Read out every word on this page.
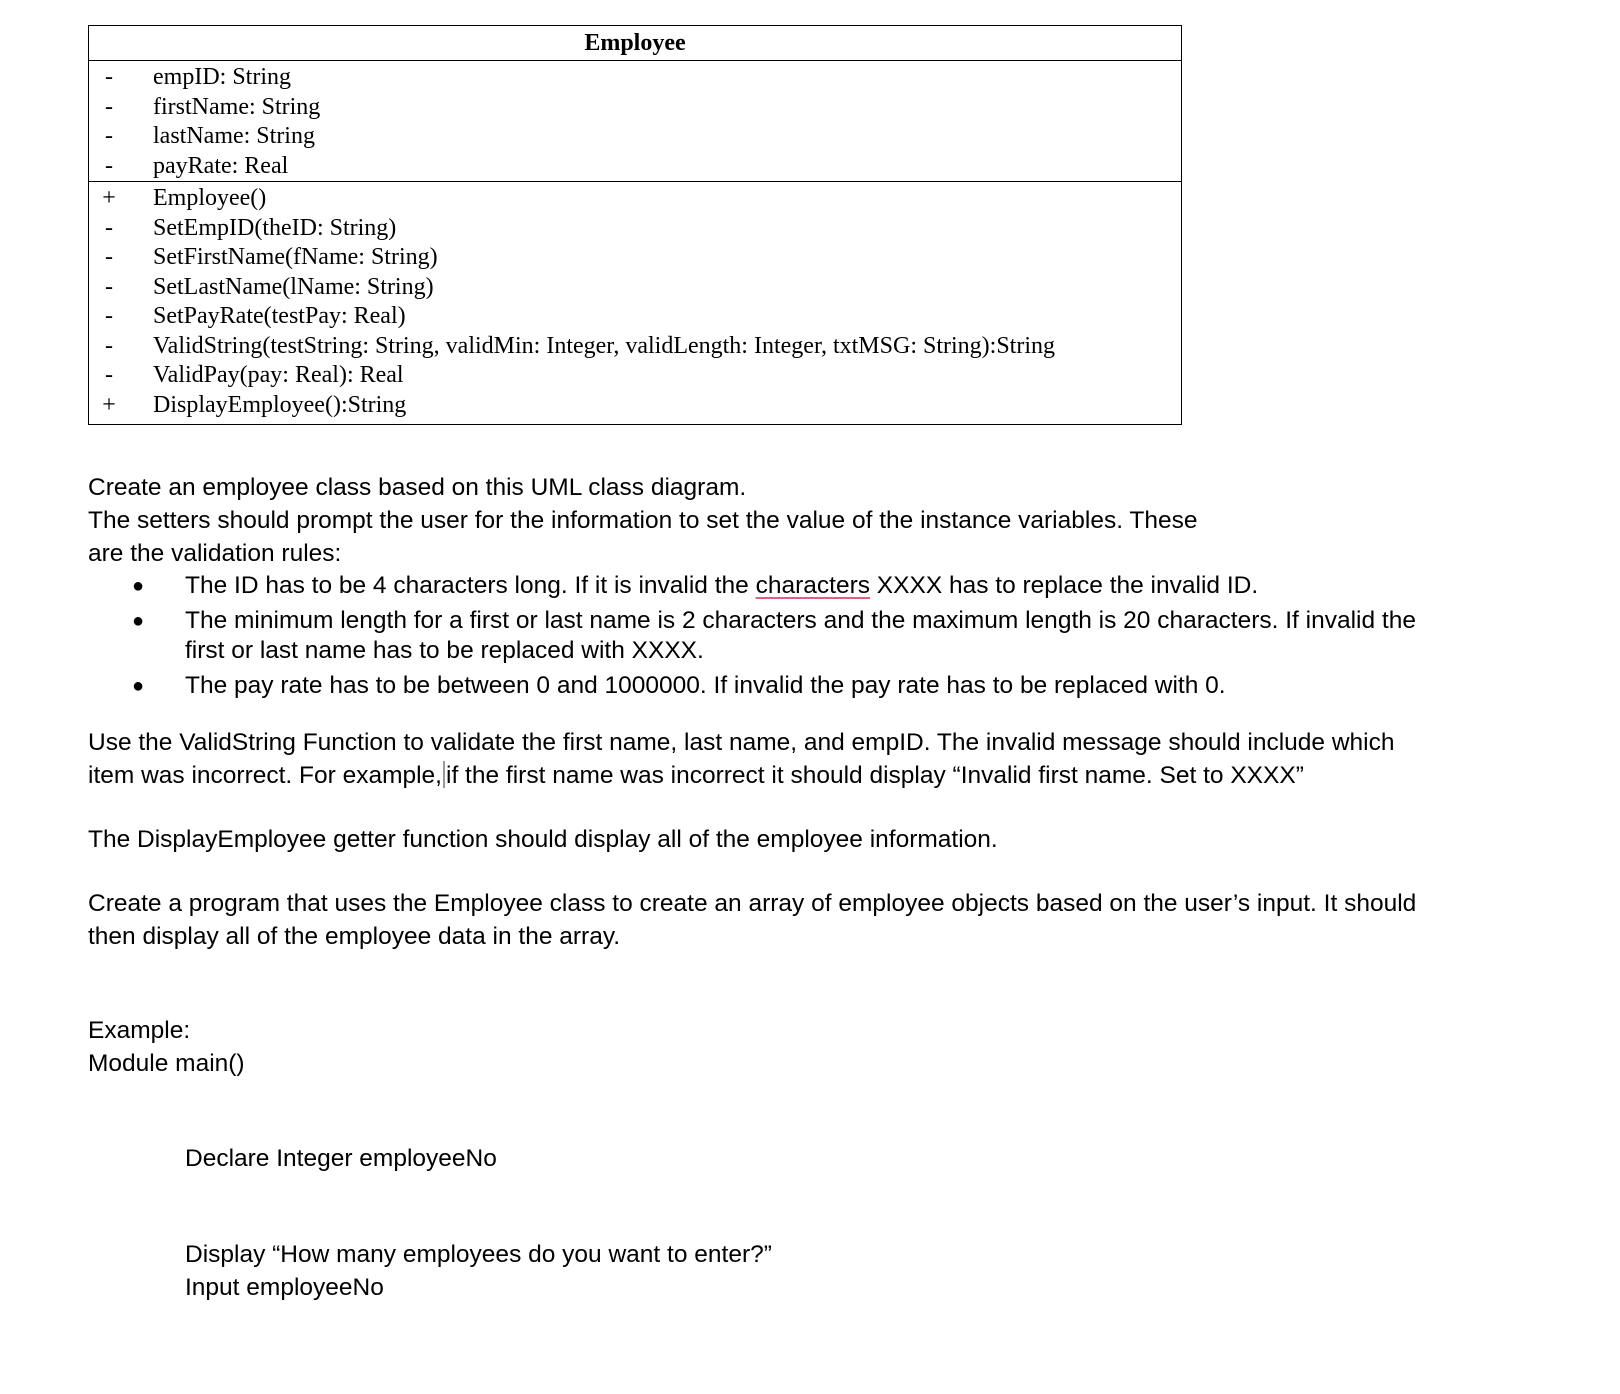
Employee
- empID: String
- firstName: String
- lastName: String
- payRate: Real
+ Employee()
- SetEmpID(theID: String)
- SetFirstName(fName: String)
- SetLastName(lName: String)
- SetPayRate(testPay: Real)
- ValidString(testString: String, validMin: Integer, validLength: Integer, txtMSG: String):String
- ValidPay(pay: Real): Real
+ DisplayEmployee():String
Create an employee class based on this UML class diagram.
The setters should prompt the user for the information to set the value of the instance variables. These
are the validation rules:
● The ID has to be 4 characters long. If it is invalid the characters XXXX has to replace the invalid ID.
● The minimum length for a first or last name is 2 characters and the maximum length is 20 characters. If invalid the
first or last name has to be replaced with XXXX.
● The pay rate has to be between 0 and 1000000. If invalid the pay rate has to be replaced with 0.
Use the ValidString Function to validate the first name, last name, and empID. The invalid message should include which
item was incorrect. For example, if the first name was incorrect it should display “Invalid first name. Set to XXXX”
The DisplayEmployee getter function should display all of the employee information.
Create a program that uses the Employee class to create an array of employee objects based on the user’s input. It should
then display all of the employee data in the array.
Example:
Module main()
Declare Integer employeeNo
Display “How many employees do you want to enter?”
Input employeeNo
